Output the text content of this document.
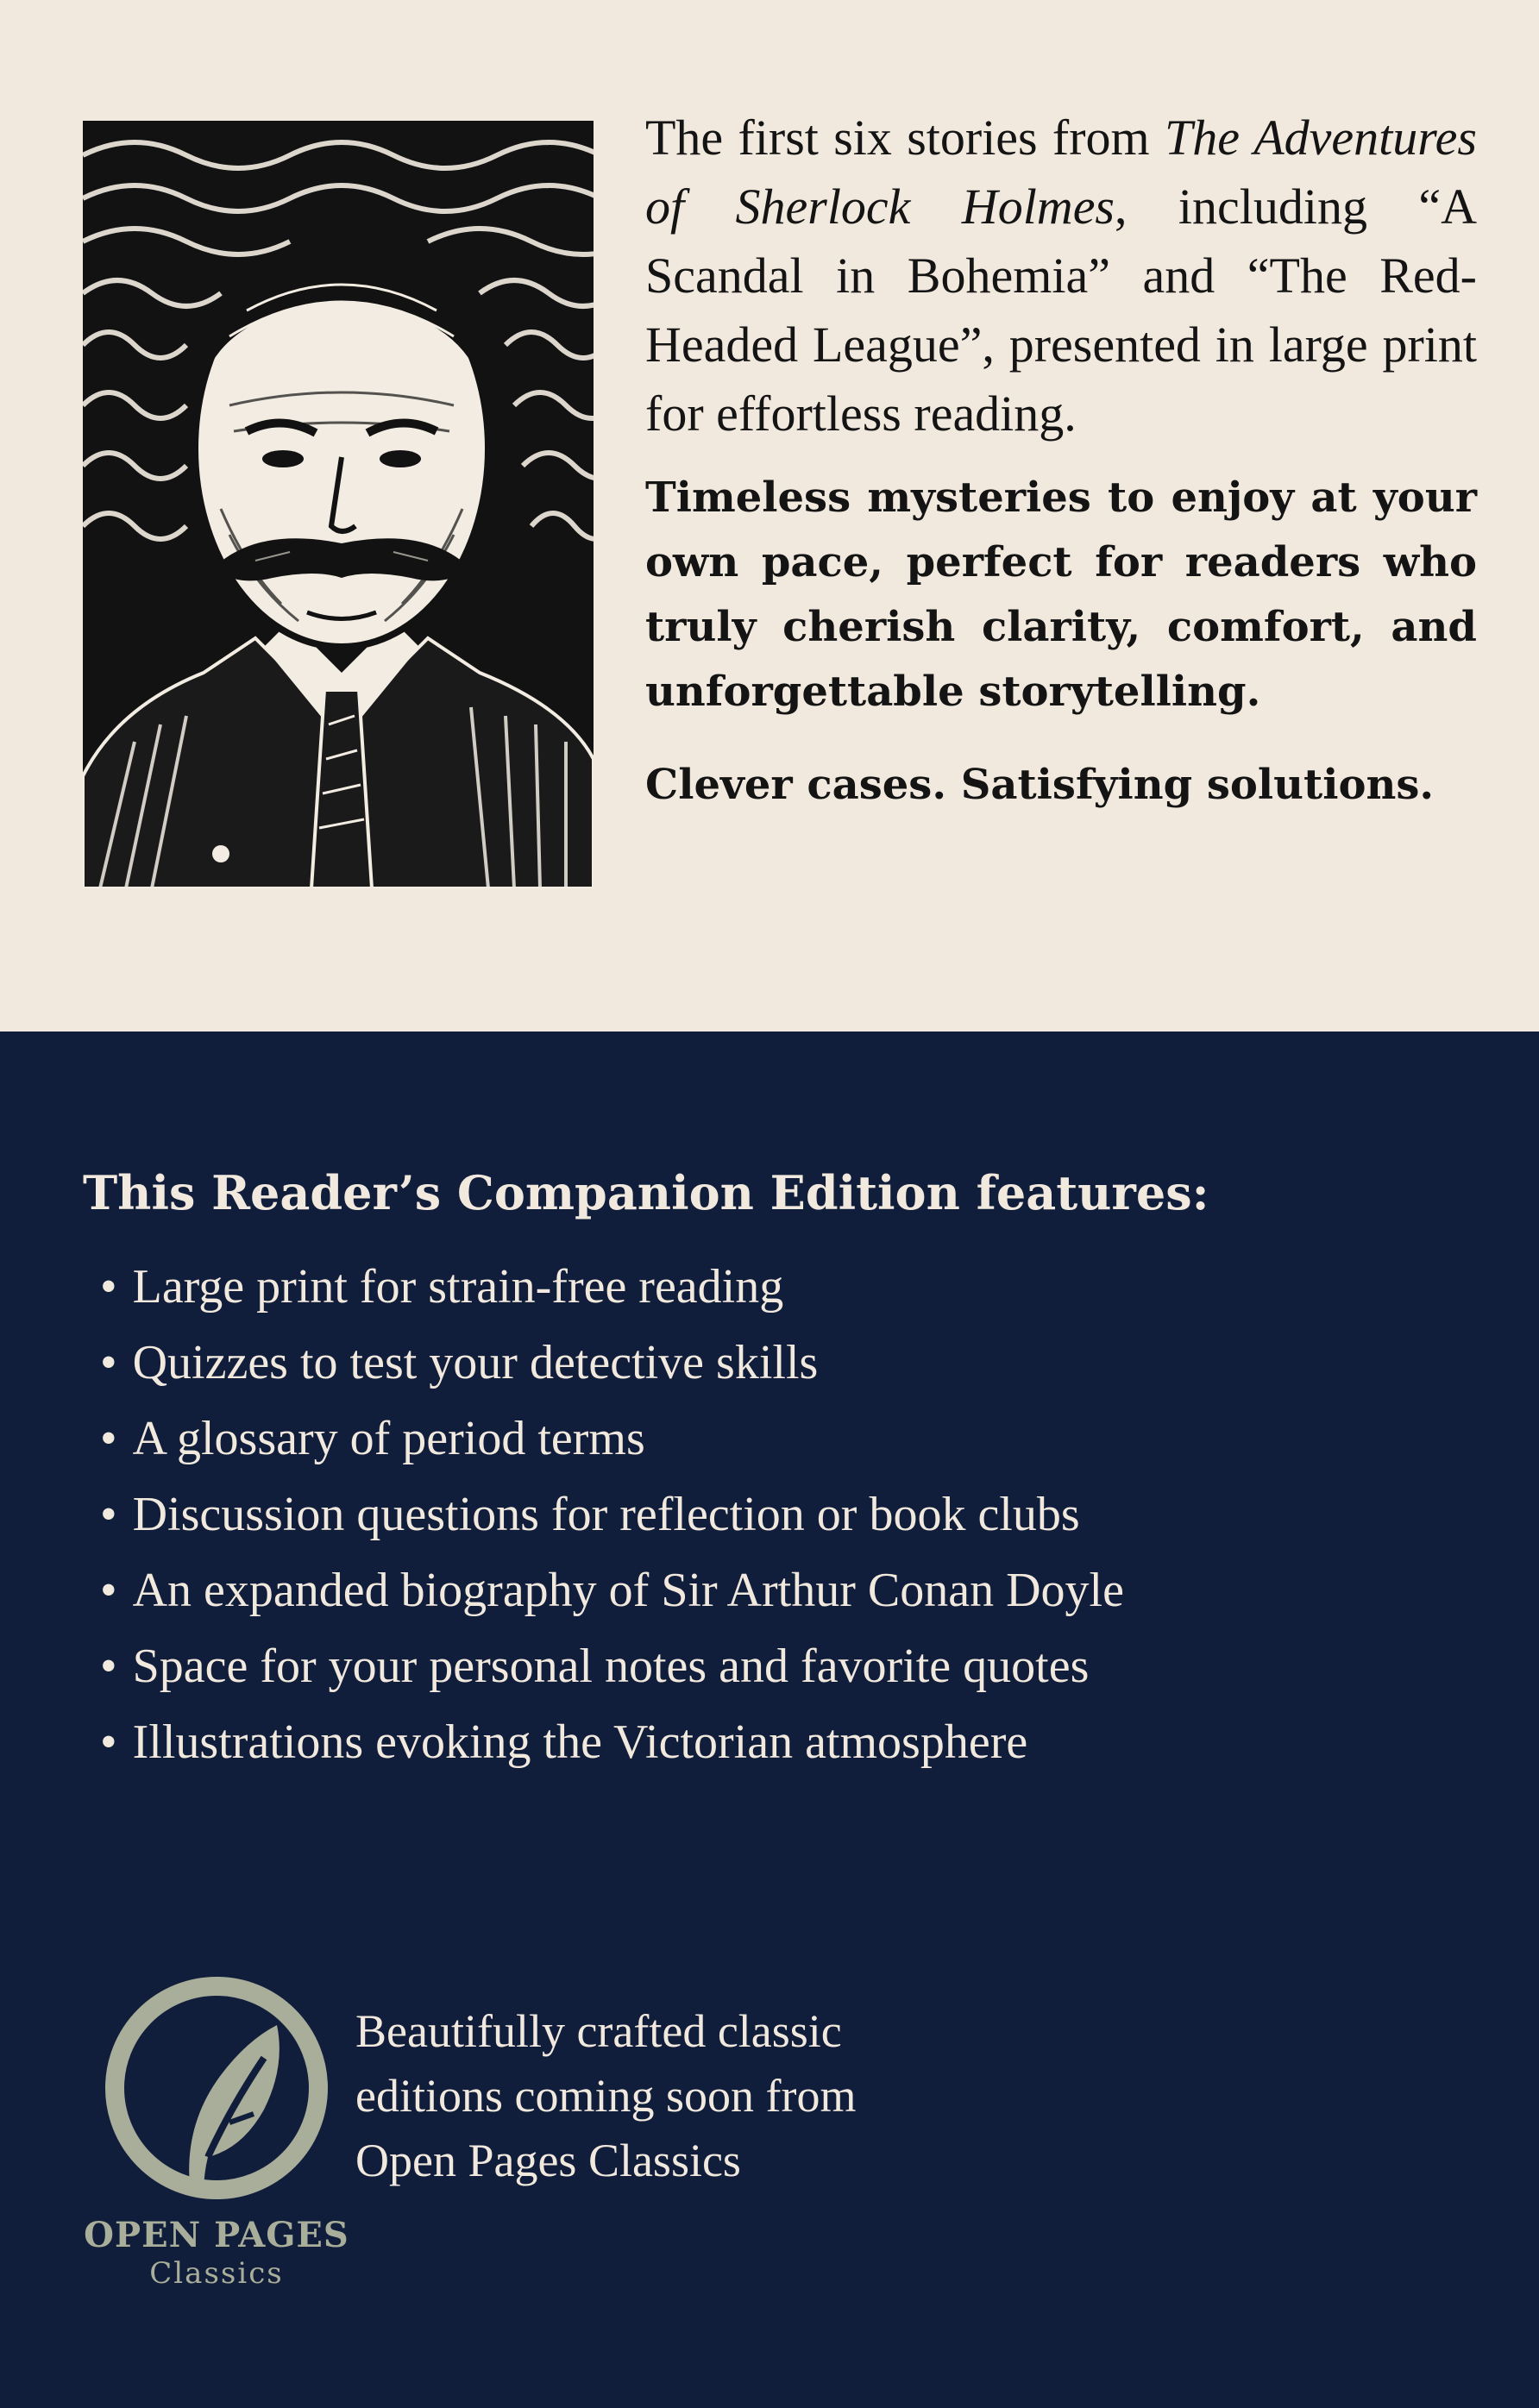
The first six stories from The Adventures of Sherlock Holmes, including “A Scandal in Bohemia” and “The Red-Headed League”, presented in large print for effortless reading.

Timeless mysteries to enjoy at your own pace, perfect for readers who truly cherish clarity, comfort, and unforgettable storytelling.

Clever cases. Satisfying solutions.

This Reader’s Companion Edition features:
• Large print for strain-free reading
• Quizzes to test your detective skills
• A glossary of period terms
• Discussion questions for reflection or book clubs
• An expanded biography of Sir Arthur Conan Doyle
• Space for your personal notes and favorite quotes
• Illustrations evoking the Victorian atmosphere
OPEN PAGES
Classics
Beautifully crafted classic
editions coming soon from
Open Pages Classics
